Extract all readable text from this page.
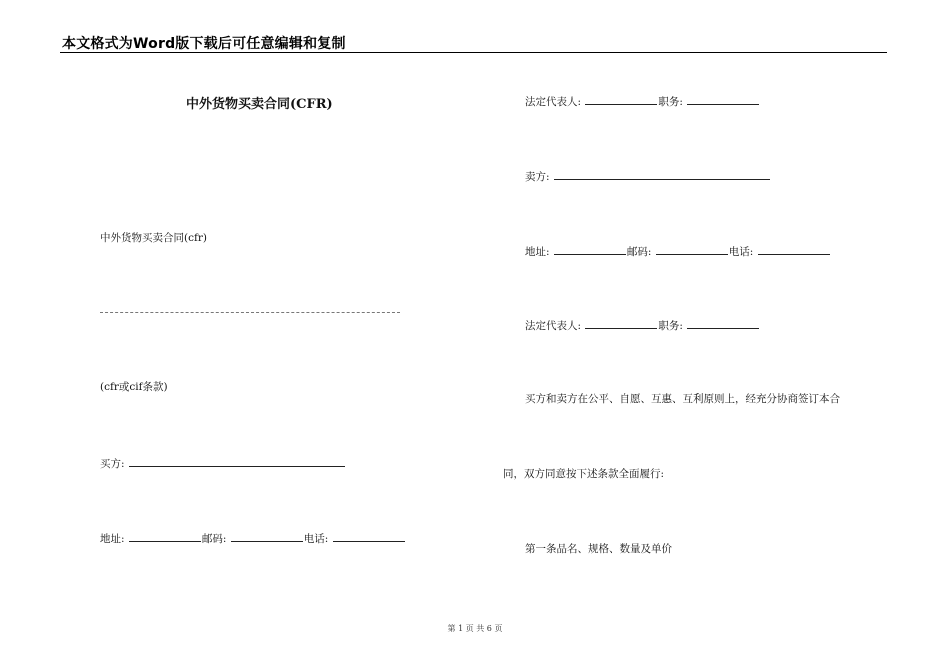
本文格式为Word版下载后可任意编辑和复制
中外货物买卖合同(CFR)
中外货物买卖合同(cfr)
(cfr或cif条款)
买方:
地址:	邮码:	电话:
法定代表人:	职务:
卖方:
地址:	邮码:	电话:
法定代表人:	职务:
买方和卖方在公平、自愿、互惠、互利原则上，经充分协商签订本合
同，双方同意按下述条款全面履行:
第一条品名、规格、数量及单价
第 1 页 共 6 页
